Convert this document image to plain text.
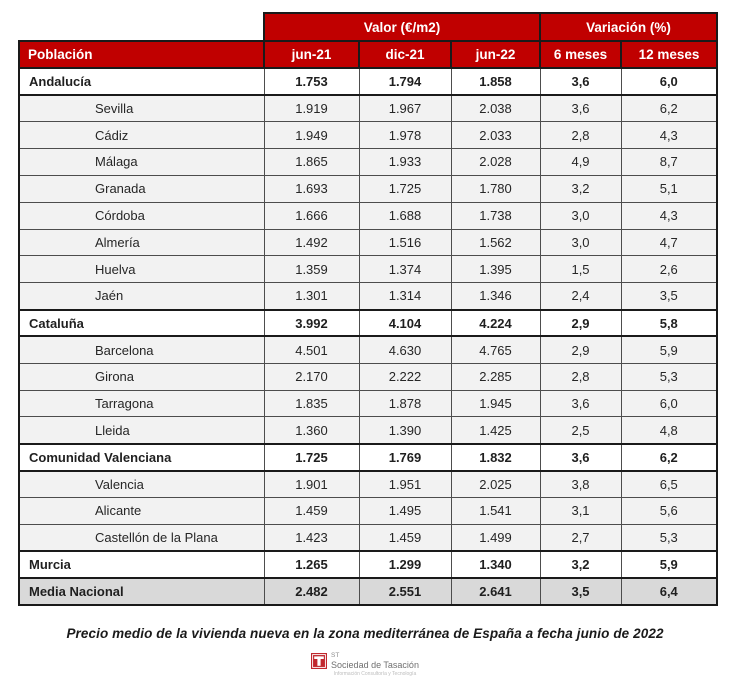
	Valor (€/m2)			Variación (%)	
Población	jun-21	dic-21	jun-22	6 meses	12 meses
Andalucía	1.753	1.794	1.858	3,6	6,0
Sevilla	1.919	1.967	2.038	3,6	6,2
Cádiz	1.949	1.978	2.033	2,8	4,3
Málaga	1.865	1.933	2.028	4,9	8,7
Granada	1.693	1.725	1.780	3,2	5,1
Córdoba	1.666	1.688	1.738	3,0	4,3
Almería	1.492	1.516	1.562	3,0	4,7
Huelva	1.359	1.374	1.395	1,5	2,6
Jaén	1.301	1.314	1.346	2,4	3,5
Cataluña	3.992	4.104	4.224	2,9	5,8
Barcelona	4.501	4.630	4.765	2,9	5,9
Girona	2.170	2.222	2.285	2,8	5,3
Tarragona	1.835	1.878	1.945	3,6	6,0
Lleida	1.360	1.390	1.425	2,5	4,8
Comunidad Valenciana	1.725	1.769	1.832	3,6	6,2
Valencia	1.901	1.951	2.025	3,8	6,5
Alicante	1.459	1.495	1.541	3,1	5,6
Castellón de la Plana	1.423	1.459	1.499	2,7	5,3
Murcia	1.265	1.299	1.340	3,2	5,9
Media Nacional	2.482	2.551	2.641	3,5	6,4
Precio medio de la vivienda nueva en la zona mediterránea de España a fecha junio de 2022
ST
Sociedad de Tasación
Información Consultoría y Tecnología
